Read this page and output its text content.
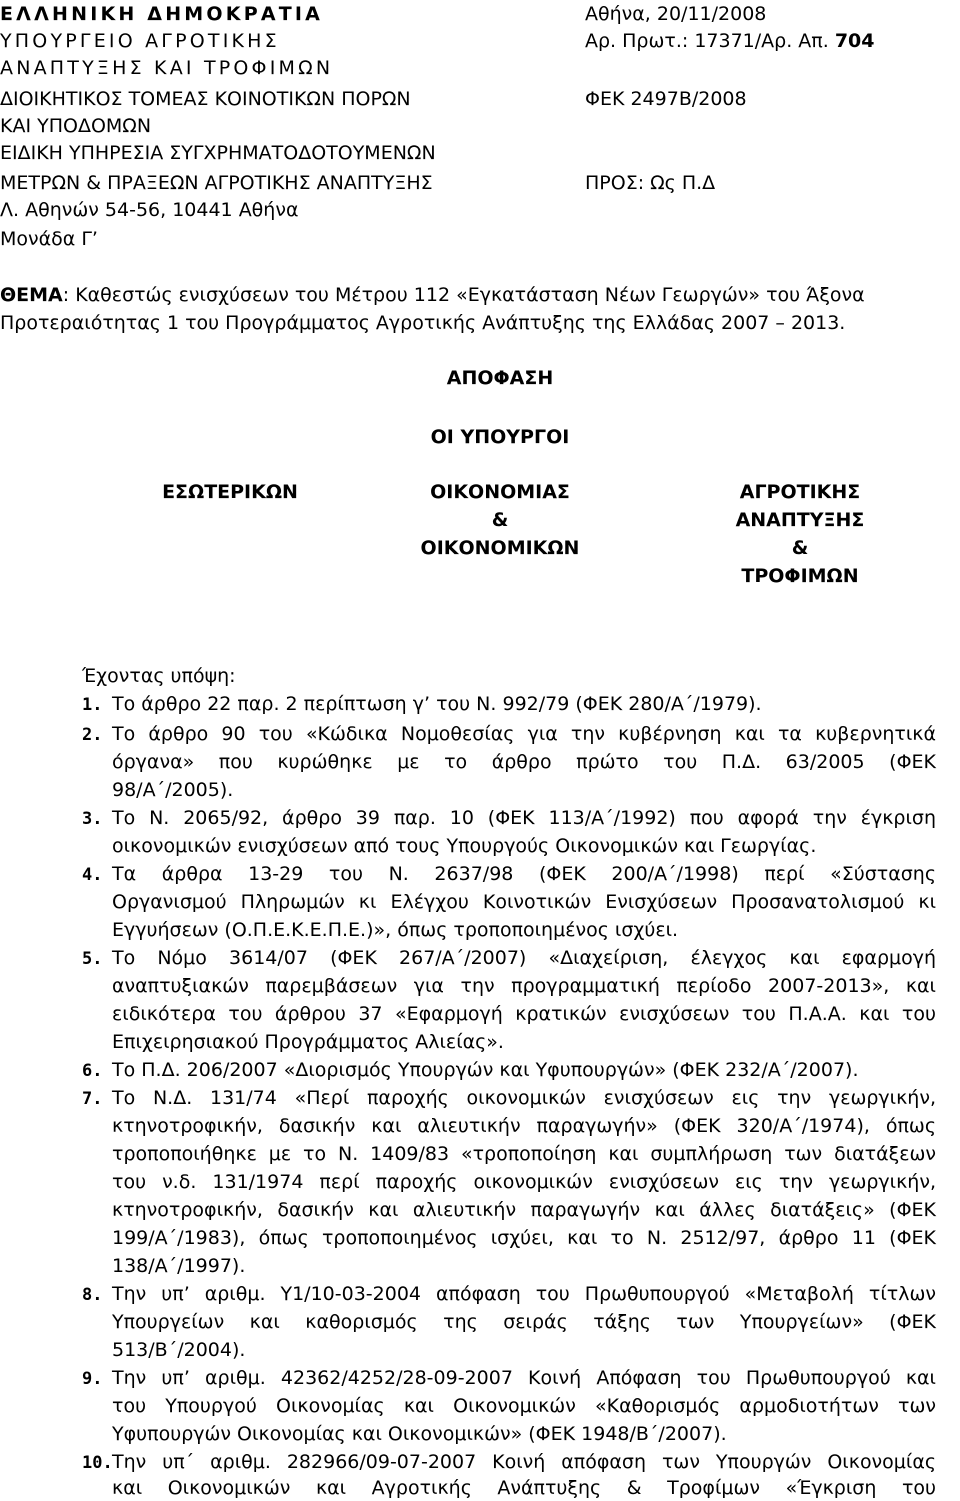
ΕΛΛΗΝΙΚΗ ΔΗΜΟΚΡΑΤΙΑ
ΥΠΟΥΡΓΕΙΟ ΑΓΡΟΤΙΚΗΣ
ΑΝΑΠΤΥΞΗΣ ΚΑΙ ΤΡΟΦΙΜΩΝ
ΔΙΟΙΚΗΤΙΚΟΣ ΤΟΜΕΑΣ ΚΟΙΝΟΤΙΚΩΝ ΠΟΡΩΝ
ΚΑΙ ΥΠΟΔΟΜΩΝ
ΕΙΔΙΚΗ ΥΠΗΡΕΣΙΑ ΣΥΓΧΡΗΜΑΤΟΔΟΤΟΥΜΕΝΩΝ
ΜΕΤΡΩΝ & ΠΡΑΞΕΩΝ ΑΓΡΟΤΙΚΗΣ ΑΝΑΠΤΥΞΗΣ
Λ. Αθηνών 54-56, 10441 Αθήνα
Μονάδα Γ’
Αθήνα, 20/11/2008
Αρ. Πρωτ.: 17371/Αρ. Απ. 704
ΦΕΚ 2497Β/2008
ΠΡΟΣ: Ως Π.Δ
ΘΕΜΑ: Καθεστώς ενισχύσεων του Μέτρου 112 «Εγκατάσταση Νέων Γεωργών» του Άξονα
Προτεραιότητας 1 του Προγράμματος Αγροτικής Ανάπτυξης της Ελλάδας 2007 – 2013.
ΑΠΟΦΑΣΗ
ΟΙ ΥΠΟΥΡΓΟΙ
ΕΣΩΤΕΡΙΚΩΝ	ΟΙΚΟΝΟΜΙΑΣ
&
ΟΙΚΟΝΟΜΙΚΩΝ
ΑΓΡΟΤΙΚΗΣ
ΑΝΑΠΤΥΞΗΣ
&
ΤΡΟΦΙΜΩΝ
Έχοντας υπόψη:
1. Το άρθρο 22 παρ. 2 περίπτωση γ’ του Ν. 992/79 (ΦΕΚ 280/Α΄/1979).
2. Το άρθρο 90 του «Κώδικα Νομοθεσίας για την κυβέρνηση και τα κυβερνητικά
όργανα» που κυρώθηκε με το άρθρο πρώτο του Π.Δ. 63/2005 (ΦΕΚ
98/Α΄/2005).
3. Το Ν. 2065/92, άρθρο 39 παρ. 10 (ΦΕΚ 113/Α΄/1992) που αφορά την έγκριση
οικονομικών ενισχύσεων από τους Υπουργούς Οικονομικών και Γεωργίας.
4. Τα άρθρα 13-29 του Ν. 2637/98 (ΦΕΚ 200/Α΄/1998) περί «Σύστασης
Οργανισμού Πληρωμών κι Ελέγχου Κοινοτικών Ενισχύσεων Προσανατολισμού κι
Εγγυήσεων (Ο.Π.Ε.Κ.Ε.Π.Ε.)», όπως τροποποιημένος ισχύει.
5. Το Νόμο 3614/07 (ΦΕΚ 267/Α΄/2007) «Διαχείριση, έλεγχος και εφαρμογή
αναπτυξιακών παρεμβάσεων για την προγραμματική περίοδο 2007-2013», και
ειδικότερα του άρθρου 37 «Εφαρμογή κρατικών ενισχύσεων του Π.Α.Α. και του
Επιχειρησιακού Προγράμματος Αλιείας».
6. Το Π.Δ. 206/2007 «Διορισμός Υπουργών και Υφυπουργών» (ΦΕΚ 232/Α΄/2007).
7. Το Ν.Δ. 131/74 «Περί παροχής οικονομικών ενισχύσεων εις την γεωργικήν,
κτηνοτροφικήν, δασικήν και αλιευτικήν παραγωγήν» (ΦΕΚ 320/Α΄/1974), όπως
τροποποιήθηκε με το Ν. 1409/83 «τροποποίηση και συμπλήρωση των διατάξεων
του ν.δ. 131/1974 περί παροχής οικονομικών ενισχύσεων εις την γεωργικήν,
κτηνοτροφικήν, δασικήν και αλιευτικήν παραγωγήν και άλλες διατάξεις» (ΦΕΚ
199/Α΄/1983), όπως τροποποιημένος ισχύει, και το Ν. 2512/97, άρθρο 11 (ΦΕΚ
138/Α΄/1997).
8. Την υπ’ αριθμ. Υ1/10-03-2004 απόφαση του Πρωθυπουργού «Μεταβολή τίτλων
Υπουργείων και καθορισμός της σειράς τάξης των Υπουργείων» (ΦΕΚ
513/Β΄/2004).
9. Την υπ’ αριθμ. 42362/4252/28-09-2007 Κοινή Απόφαση του Πρωθυπουργού και
του Υπουργού Οικονομίας και Οικονομικών «Καθορισμός αρμοδιοτήτων των
Υφυπουργών Οικονομίας και Οικονομικών» (ΦΕΚ 1948/Β΄/2007).
10. Την υπ΄ αριθμ. 282966/09-07-2007 Κοινή απόφαση των Υπουργών Οικονομίας
και Οικονομικών και Αγροτικής Ανάπτυξης & Τροφίμων «Έγκριση του
